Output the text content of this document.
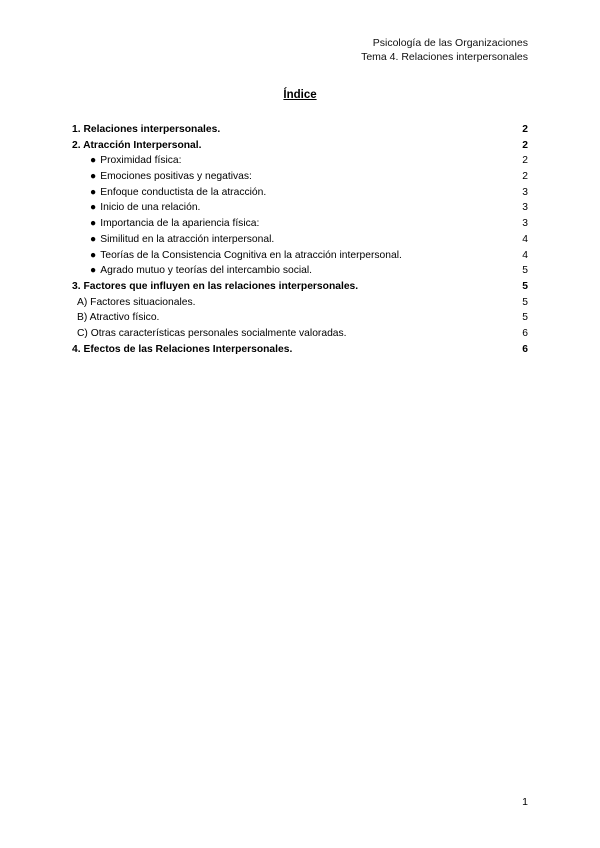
Psicología de las Organizaciones
Tema 4. Relaciones interpersonales
Índice
1. Relaciones interpersonales.	2
2. Atracción Interpersonal.	2
● Proximidad física:	2
● Emociones positivas y negativas:	2
● Enfoque conductista de la atracción.	3
● Inicio de una relación.	3
● Importancia de la apariencia física:	3
● Similitud en la atracción interpersonal.	4
● Teorías de la Consistencia Cognitiva en la atracción interpersonal.	4
● Agrado mutuo y teorías del intercambio social.	5
3. Factores que influyen en las relaciones interpersonales.	5
A) Factores situacionales.	5
B) Atractivo físico.	5
C) Otras características personales socialmente valoradas.	6
4. Efectos de las Relaciones Interpersonales.	6
1
